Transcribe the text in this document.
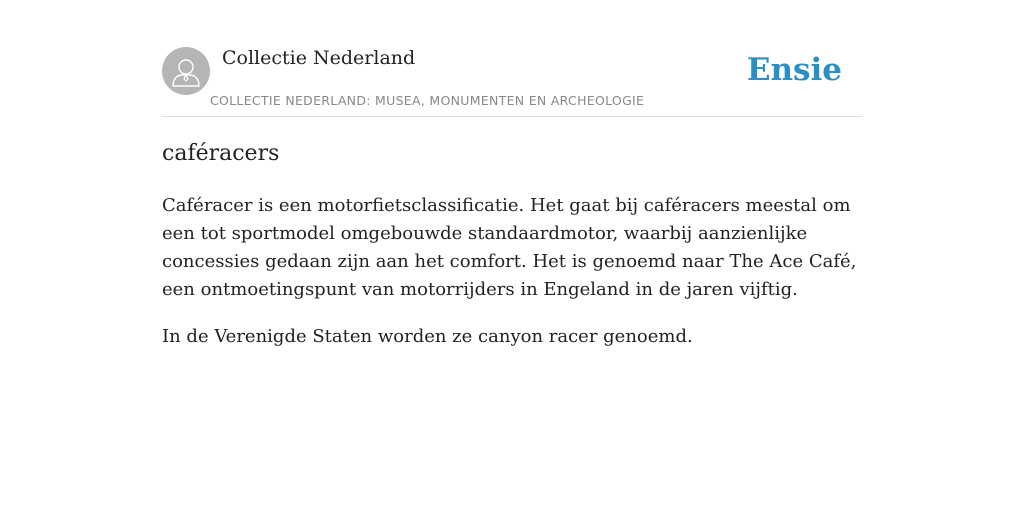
Collectie Nederland
COLLECTIE NEDERLAND: MUSEA, MONUMENTEN EN ARCHEOLOGIE
Ensie
caféracers

Caféracer is een motorfietsclassificatie. Het gaat bij caféracers meestal om een tot sportmodel omgebouwde standaardmotor, waarbij aanzienlijke concessies gedaan zijn aan het comfort. Het is genoemd naar The Ace Café, een ontmoetingspunt van motorrijders in Engeland in de jaren vijftig.

In de Verenigde Staten worden ze canyon racer genoemd.
